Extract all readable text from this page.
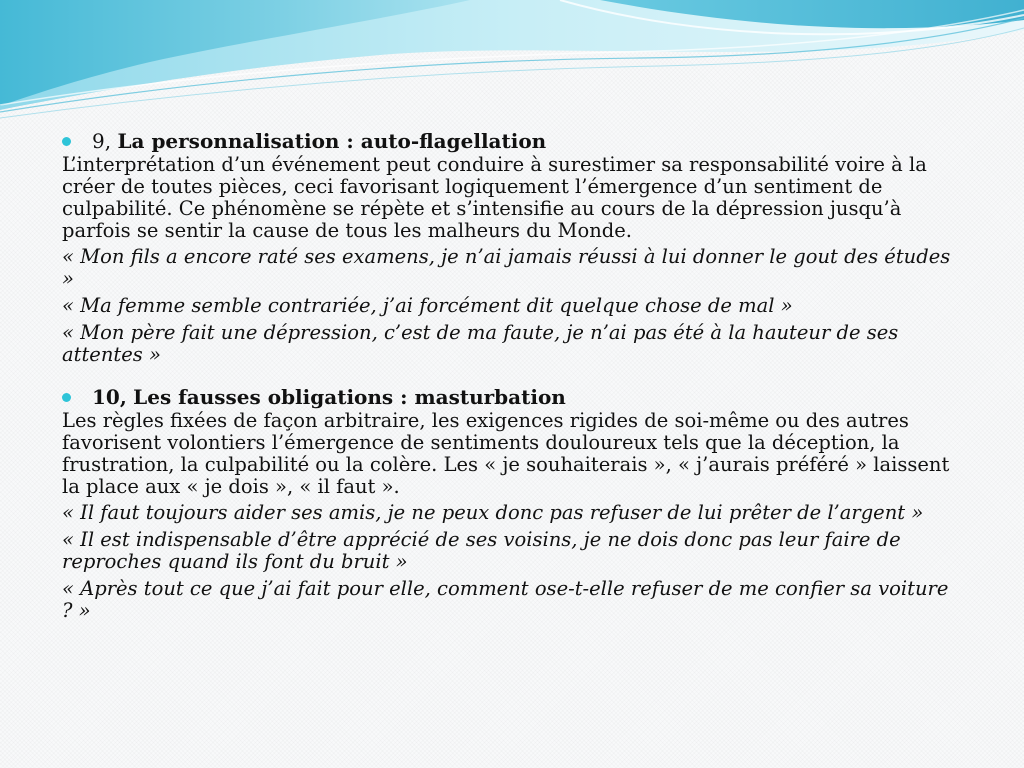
9, La personnalisation : auto-flagellation

L’interprétation d’un événement peut conduire à surestimer sa responsabilité voire à la créer de toutes pièces, ceci favorisant logiquement l’émergence d’un sentiment de culpabilité. Ce phénomène se répète et s’intensifie au cours de la dépression jusqu’à parfois se sentir la cause de tous les malheurs du Monde.

« Mon fils a encore raté ses examens, je n’ai jamais réussi à lui donner le gout des études »

« Ma femme semble contrariée, j’ai forcément dit quelque chose de mal »

« Mon père fait une dépression, c’est de ma faute, je n’ai pas été à la hauteur de ses attentes »

10, Les fausses obligations : masturbation

Les règles fixées de façon arbitraire, les exigences rigides de soi-même ou des autres favorisent volontiers l’émergence de sentiments douloureux tels que la déception, la frustration, la culpabilité ou la colère. Les « je souhaiterais », « j’aurais préféré » laissent la place aux « je dois », « il faut ».

« Il faut toujours aider ses amis, je ne peux donc pas refuser de lui prêter de l’argent »

« Il est indispensable d’être apprécié de ses voisins, je ne dois donc pas leur faire de reproches quand ils font du bruit »

« Après tout ce que j’ai fait pour elle, comment ose-t-elle refuser de me confier sa voiture ? »
